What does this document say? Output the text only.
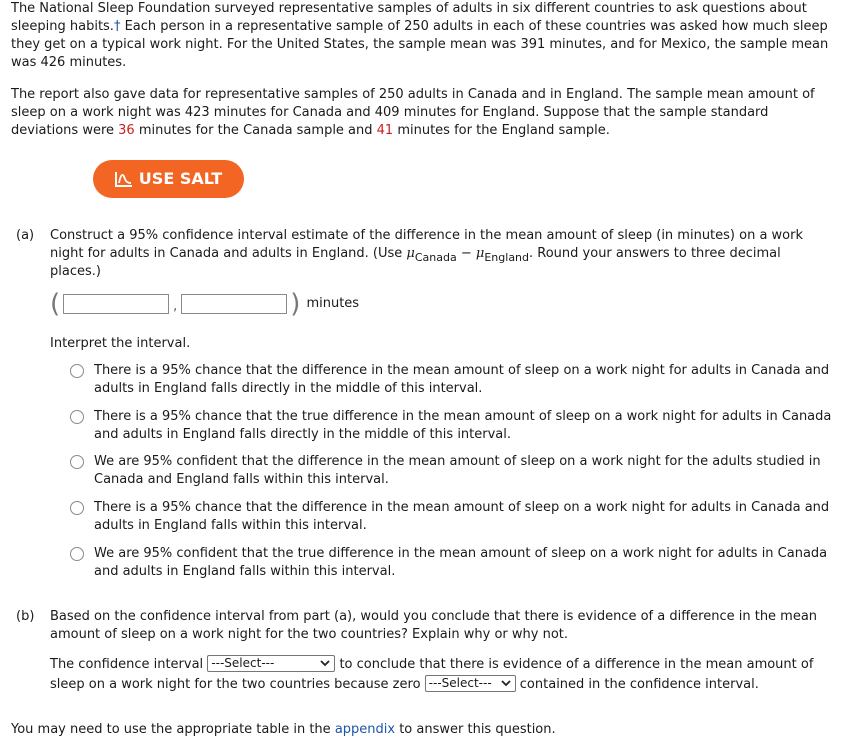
The National Sleep Foundation surveyed representative samples of adults in six different countries to ask questions about sleeping habits.† Each person in a representative sample of 250 adults in each of these countries was asked how much sleep they get on a typical work night. For the United States, the sample mean was 391 minutes, and for Mexico, the sample mean was 426 minutes.

The report also gave data for representative samples of 250 adults in Canada and in England. The sample mean amount of sleep on a work night was 423 minutes for Canada and 409 minutes for England. Suppose that the sample standard deviations were 36 minutes for the Canada sample and 41 minutes for the England sample.

USE SALT
(a) Construct a 95% confidence interval estimate of the difference in the mean amount of sleep (in minutes) on a work night for adults in Canada and adults in England. (Use $\mu_{Canada} - \mu_{England}$. Round your answers to three decimal places.)

(	,	) minutes

Interpret the interval.

There is a 95% chance that the difference in the mean amount of sleep on a work night for adults in Canada and adults in England falls directly in the middle of this interval.

There is a 95% chance that the true difference in the mean amount of sleep on a work night for adults in Canada and adults in England falls directly in the middle of this interval.

We are 95% confident that the difference in the mean amount of sleep on a work night for the adults studied in Canada and England falls within this interval.

There is a 95% chance that the difference in the mean amount of sleep on a work night for adults in Canada and adults in England falls within this interval.

We are 95% confident that the true difference in the mean amount of sleep on a work night for adults in Canada and adults in England falls within this interval.

(b) Based on the confidence interval from part (a), would you conclude that there is evidence of a difference in the mean amount of sleep on a work night for the two countries? Explain why or why not.

The confidence interval ---Select---	to conclude that there is evidence of a difference in the mean amount of

sleep on a work night for the two countries because zero ---Select---
contained in the confidence interval.

You may need to use the appropriate table in the appendix to answer this question.
